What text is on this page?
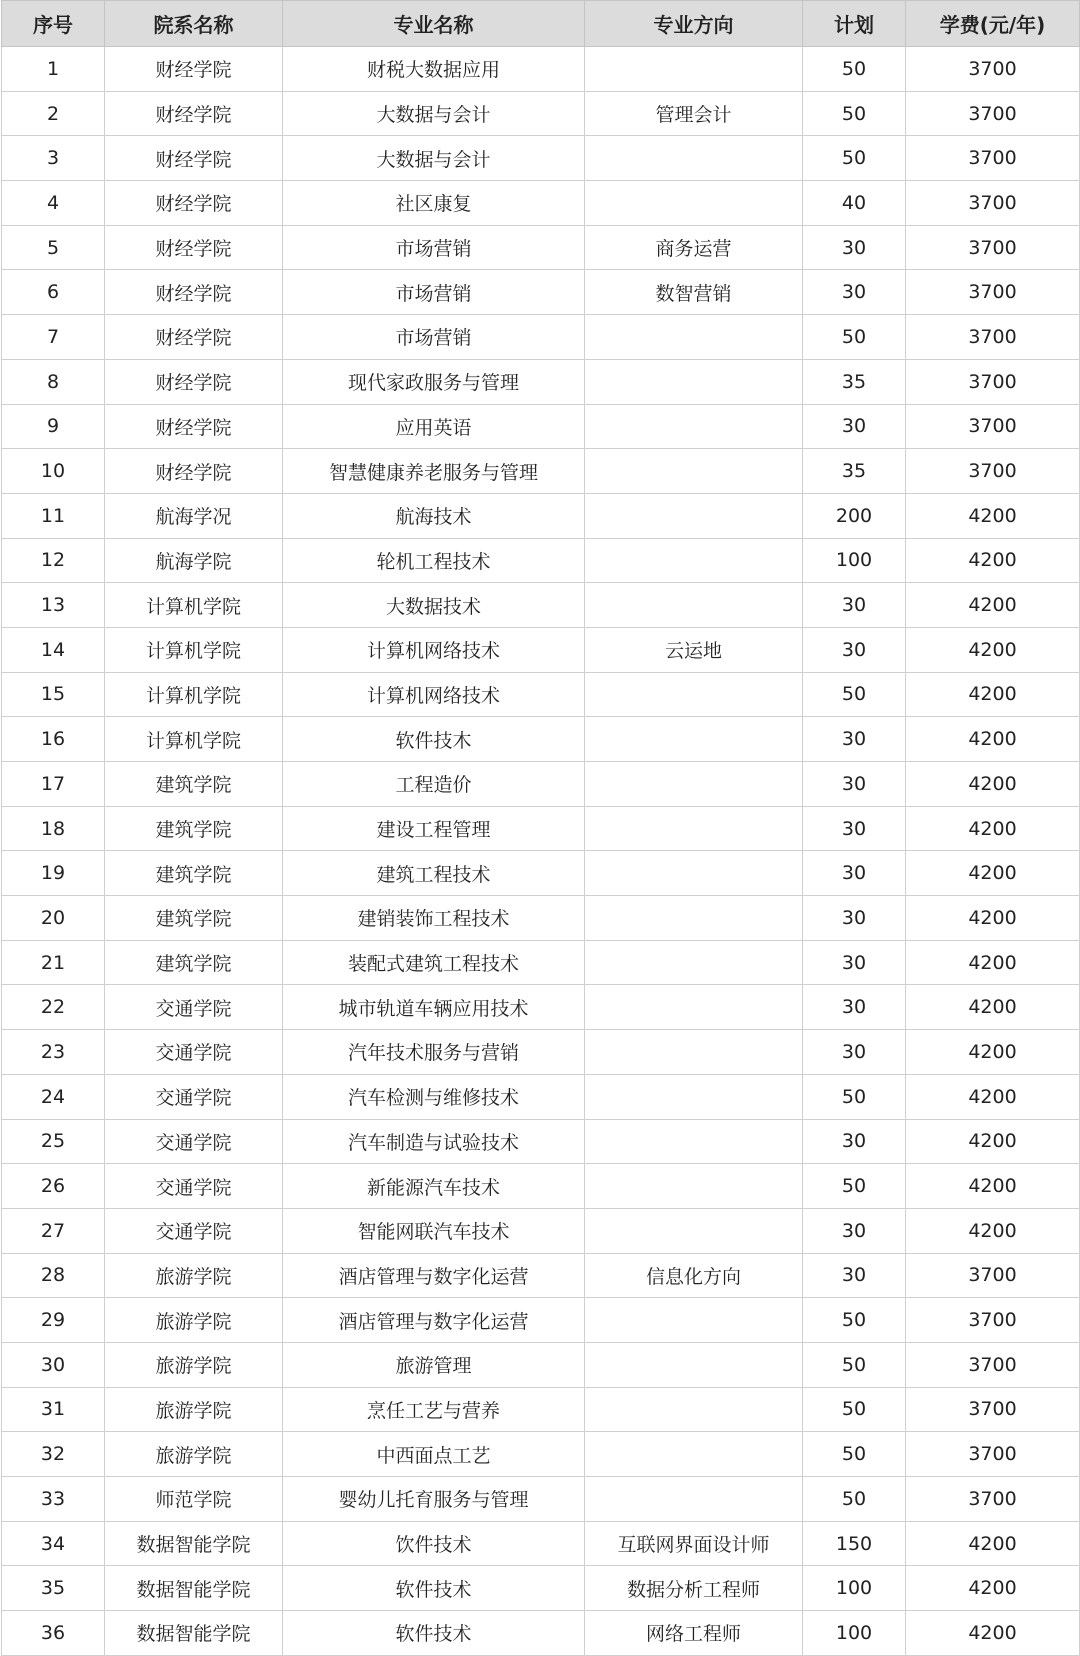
序号	院系名称	专业名称	专业方向	计划	学费(元/年)
1	财经学院	财税大数据应用		50	3700
2	财经学院	大数据与会计	管理会计	50	3700
3	财经学院	大数据与会计		50	3700
4	财经学院	社区康复		40	3700
5	财经学院	市场营销	商务运营	30	3700
6	财经学院	市场营销	数智营销	30	3700
7	财经学院	市场营销		50	3700
8	财经学院	现代家政服务与管理		35	3700
9	财经学院	应用英语		30	3700
10	财经学院	智慧健康养老服务与管理		35	3700
11	航海学况	航海技术		200	4200
12	航海学院	轮机工程技术		100	4200
13	计算机学院	大数据技术		30	4200
14	计算机学院	计算机网络技术	云运地	30	4200
15	计算机学院	计算机网络技术		50	4200
16	计算机学院	软件技木		30	4200
17	建筑学院	工程造价		30	4200
18	建筑学院	建设工程管理		30	4200
19	建筑学院	建筑工程技术		30	4200
20	建筑学院	建销装饰工程技术		30	4200
21	建筑学院	装配式建筑工程技术		30	4200
22	交通学院	城市轨道车辆应用技术		30	4200
23	交通学院	汽年技术服务与营销		30	4200
24	交通学院	汽车检测与维修技术		50	4200
25	交通学院	汽车制造与试验技术		30	4200
26	交通学院	新能源汽车技术		50	4200
27	交通学院	智能网联汽车技术		30	4200
28	旅游学院	酒店管理与数字化运营	信息化方向	30	3700
29	旅游学院	酒店管理与数字化运营		50	3700
30	旅游学院	旅游管理		50	3700
31	旅游学院	烹任工艺与营养		50	3700
32	旅游学院	中西面点工艺		50	3700
33	师范学院	婴幼儿托育服务与管理		50	3700
34	数据智能学院	饮件技术	互联网界面设计师	150	4200
35	数据智能学院	软件技术	数据分析工程师	100	4200
36	数据智能学院	软件技术	网络工程师	100	4200
